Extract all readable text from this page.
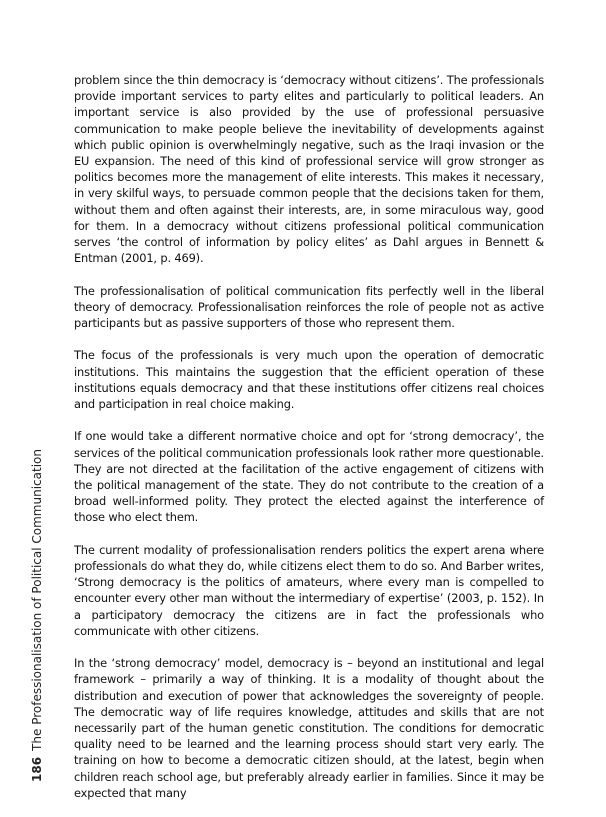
186The Professionalisation of Political Communication

problem since the thin democracy is ‘democracy without citizens’. The professionals provide important services to party elites and particularly to political leaders. An important service is also provided by the use of professional persuasive communication to make people believe the inevitability of developments against which public opinion is overwhelmingly negative, such as the Iraqi invasion or the EU expansion. The need of this kind of professional service will grow stronger as politics becomes more the management of elite interests. This makes it necessary, in very skilful ways, to persuade common people that the decisions taken for them, without them and often against their interests, are, in some miraculous way, good for them. In a democracy without citizens professional political communication serves ‘the control of information by policy elites’ as Dahl argues in Bennett & Entman (2001, p. 469).

The professionalisation of political communication fits perfectly well in the liberal theory of democracy. Professionalisation reinforces the role of people not as active participants but as passive supporters of those who represent them.

The focus of the professionals is very much upon the operation of democratic institutions. This maintains the suggestion that the efficient operation of these institutions equals democracy and that these institutions offer citizens real choices and participation in real choice making.

If one would take a different normative choice and opt for ‘strong democracy’, the services of the political communication professionals look rather more questionable. They are not directed at the facilitation of the active engagement of citizens with the political management of the state. They do not contribute to the creation of a broad well-informed polity. They protect the elected against the interference of those who elect them.

The current modality of professionalisation renders politics the expert arena where professionals do what they do, while citizens elect them to do so. And Barber writes, ‘Strong democracy is the politics of amateurs, where every man is compelled to encounter every other man without the intermediary of expertise’ (2003, p. 152). In a participatory democracy the citizens are in fact the professionals who communicate with other citizens.

In the ‘strong democracy’ model, democracy is – beyond an institutional and legal framework – primarily a way of thinking. It is a modality of thought about the distribution and execution of power that acknowledges the sovereignty of people. The democratic way of life requires knowledge, attitudes and skills that are not necessarily part of the human genetic constitution. The conditions for democratic quality need to be learned and the learning process should start very early. The training on how to become a democratic citizen should, at the latest, begin when children reach school age, but preferably already earlier in families. Since it may be expected that many
